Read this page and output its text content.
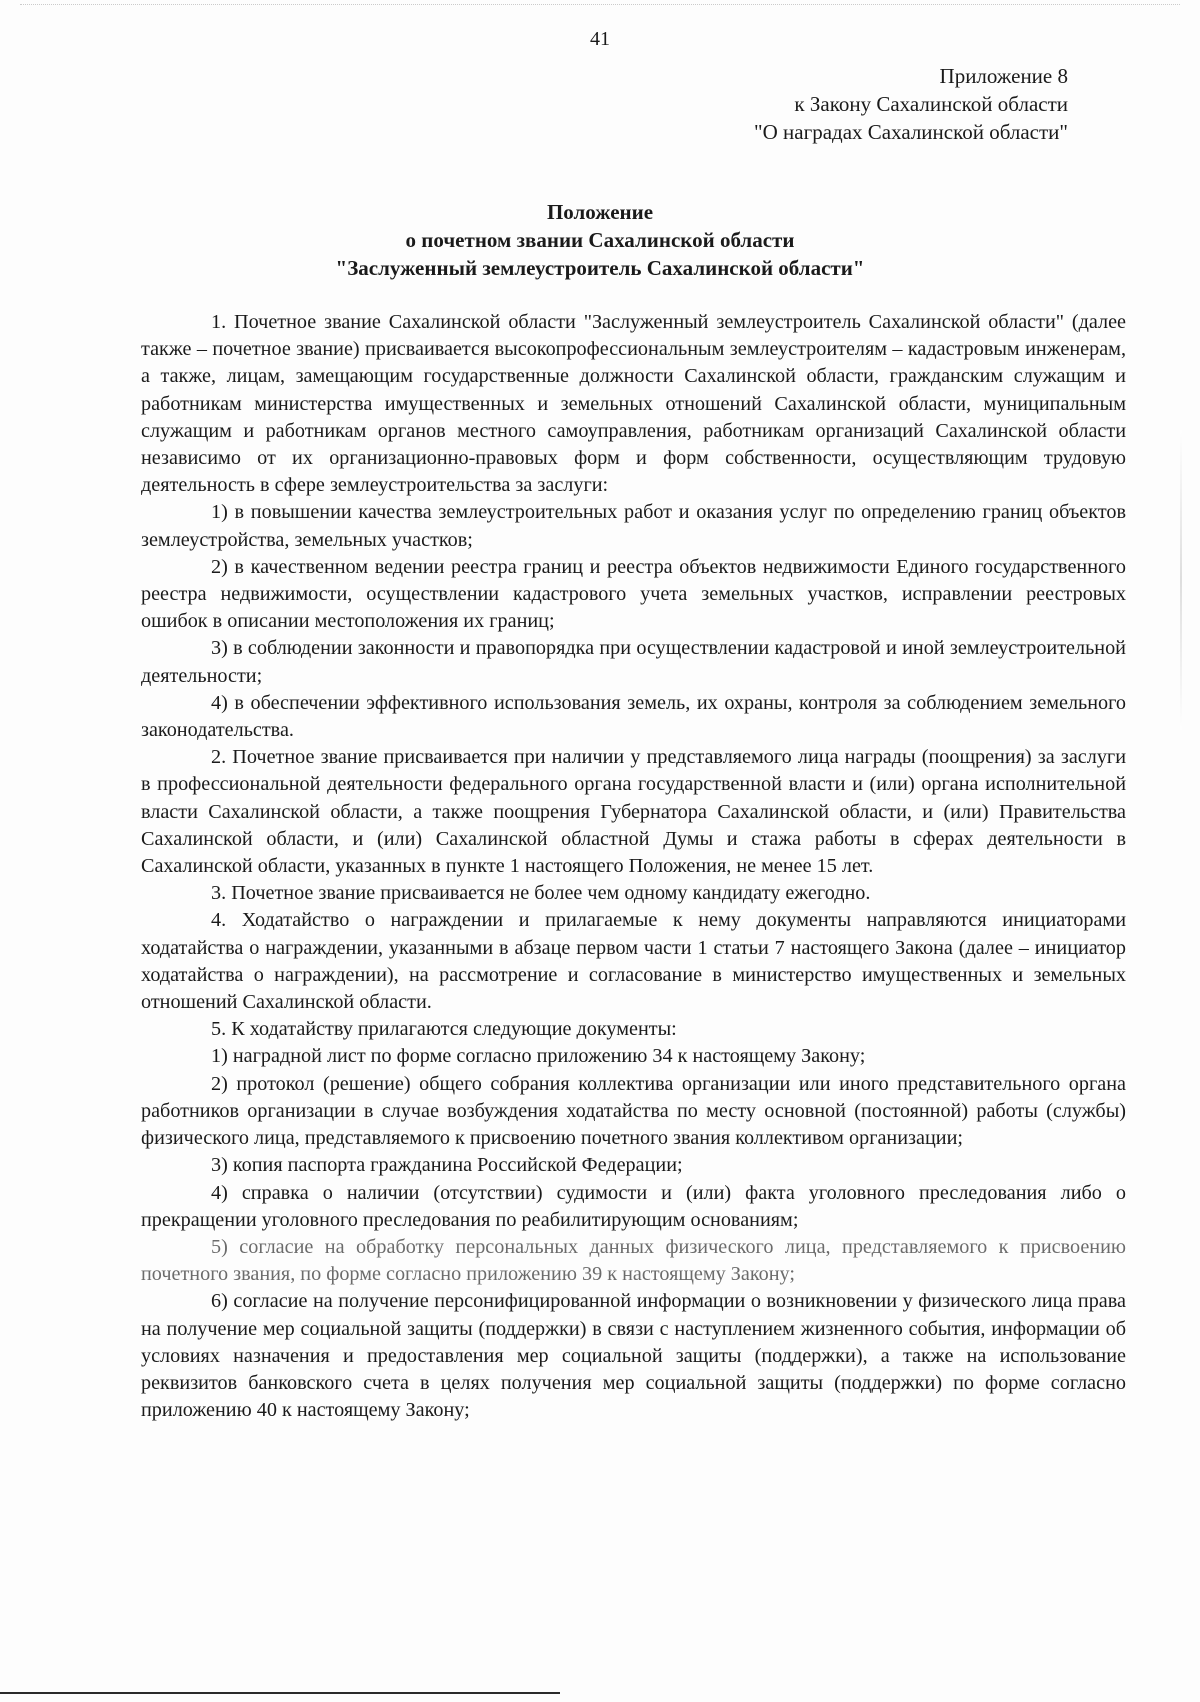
41
Приложение 8
к Закону Сахалинской области
"О наградах Сахалинской области"
Положение
о почетном звании Сахалинской области
"Заслуженный землеустроитель Сахалинской области"

1. Почетное звание Сахалинской области "Заслуженный землеустроитель Сахалинской области" (далее также – почетное звание) присваивается высокопрофессиональным землеустроителям – кадастровым инженерам, а также, лицам, замещающим государственные должности Сахалинской области, гражданским служащим и работникам министерства имущественных и земельных отношений Сахалинской области, муниципальным служащим и работникам органов местного самоуправления, работникам организаций Сахалинской области независимо от их организационно-правовых форм и форм собственности, осуществляющим трудовую деятельность в сфере землеустроительства за заслуги:

1) в повышении качества землеустроительных работ и оказания услуг по определению границ объектов землеустройства, земельных участков;

2) в качественном ведении реестра границ и реестра объектов недвижимости Единого государственного реестра недвижимости, осуществлении кадастрового учета земельных участков, исправлении реестровых ошибок в описании местоположения их границ;

3) в соблюдении законности и правопорядка при осуществлении кадастровой и иной землеустроительной деятельности;

4) в обеспечении эффективного использования земель, их охраны, контроля за соблюдением земельного законодательства.

2. Почетное звание присваивается при наличии у представляемого лица награды (поощрения) за заслуги в профессиональной деятельности федерального органа государственной власти и (или) органа исполнительной власти Сахалинской области, а также поощрения Губернатора Сахалинской области, и (или) Правительства Сахалинской области, и (или) Сахалинской областной Думы и стажа работы в сферах деятельности в Сахалинской области, указанных в пункте 1 настоящего Положения, не менее 15 лет.

3. Почетное звание присваивается не более чем одному кандидату ежегодно.

4. Ходатайство о награждении и прилагаемые к нему документы направляются инициаторами ходатайства о награждении, указанными в абзаце первом части 1 статьи 7 настоящего Закона (далее – инициатор ходатайства о награждении), на рассмотрение и согласование в министерство имущественных и земельных отношений Сахалинской области.

5. К ходатайству прилагаются следующие документы:

1) наградной лист по форме согласно приложению 34 к настоящему Закону;

2) протокол (решение) общего собрания коллектива организации или иного представительного органа работников организации в случае возбуждения ходатайства по месту основной (постоянной) работы (службы) физического лица, представляемого к присвоению почетного звания коллективом организации;

3) копия паспорта гражданина Российской Федерации;

4) справка о наличии (отсутствии) судимости и (или) факта уголовного преследования либо о прекращении уголовного преследования по реабилитирующим основаниям;

5) согласие на обработку персональных данных физического лица, представляемого к присвоению почетного звания, по форме согласно приложению 39 к настоящему Закону;

6) согласие на получение персонифицированной информации о возникновении у физического лица права на получение мер социальной защиты (поддержки) в связи с наступлением жизненного события, информации об условиях назначения и предоставления мер социальной защиты (поддержки), а также на использование реквизитов банковского счета в целях получения мер социальной защиты (поддержки) по форме согласно приложению 40 к настоящему Закону;
